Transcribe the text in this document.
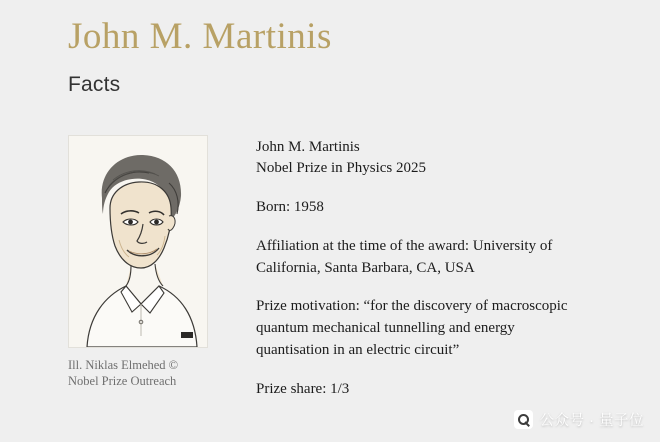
John M. Martinis
Facts
Ill. Niklas Elmehed © Nobel Prize Outreach

John M. Martinis
Nobel Prize in Physics 2025

Born: 1958

Affiliation at the time of the award: University of
California, Santa Barbara, CA, USA

Prize motivation: “for the discovery of macroscopic
quantum mechanical tunnelling and energy
quantisation in an electric circuit”

Prize share: 1/3

公众号 · 量子位
